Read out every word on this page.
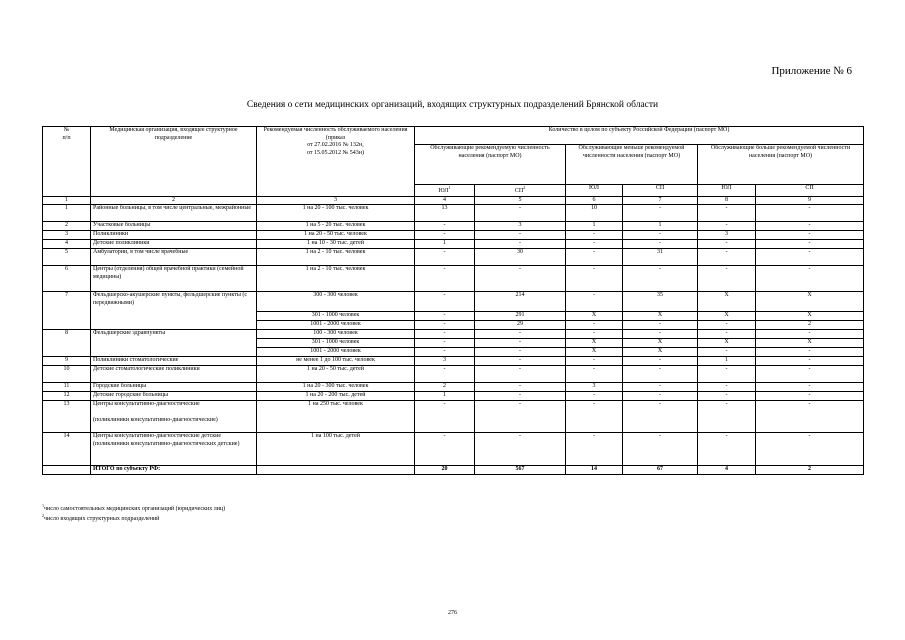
Приложение № 6
Сведения о сети медицинских организаций, входящих структурных подразделений Брянской области
№
п/п	Медицинская организация, входящее структурное подразделение	Рекомендуемая численность обслуживаемого населения (приказ
от 27.02.2016 № 132н,
от 15.05.2012 № 543н)	Количество в целом по субъекту Российской Федерации (паспорт МО)					
			Обслуживающие рекомендуемую численность населения (паспорт МО)		Обслуживающие меньше рекомендуемой численности населения (паспорт МО)		Обслуживающие больше рекомендуемой численности населения (паспорт МО)	
			$ЮЛ^1$	$СП^2$	ЮЛ	СП	ЮЛ	СП
1	2	3	4	5	6	7	8	9
1	Районные больницы, в том числе центральные, межрайонные	1 на 20 - 100 тыс. человек	13	-	10	-	-	-
2	Участковые больницы	1 на 5 - 20 тыс. человек	-	3	1	1	-	-
3	Поликлиники	1 на 20 - 50 тыс. человек	-	-	-	-	3	-
4	Детские поликлиники	1 на 10 - 30 тыс. детей	1	-	-	-	-	-
5	Амбулатории, в том числе врачебные	1 на 2 - 10 тыс. человек	-	30	-	31	-	-
6	Центры (отделения) общей врачебной практики (семейной медицины)	1 на 2 - 10 тыс. человек	-	-	-	-	-	-
7	Фельдшерско-акушерские пункты, фельдшерские пункты (с передвижными)	300 - 300 человек	-	214	-	35	X	X
		301 - 1000 человек	-	291	X	X	X	X
		1001 - 2000 человек	-	29	-	-	-	2
8	Фельдшерские здравпункты	100 - 300 человек	-	-	-	-	-	-
		301 - 1000 человек	-	-	X	X	X	X
		1001 - 2000 человек	-	-	X	X	-	-
9	Поликлиники стоматологические	не менее 1 до 100 тыс. человек	3	-	-	-	1	-
10	Детские стоматологические поликлиники	1 на 20 - 50 тыс. детей	-	-	-	-	-	-
11	Городские больницы	1 на 20 - 300 тыс. человек	2	-	3	-	-	-
12	Детские городские больницы	1 на 20 - 200 тыс. детей	1	-	-	-	-	-
13	Центры консультативно-диагностические
(поликлиники консультативно-диагностические)	1 на 250 тыс. человек	-	-	-	-	-	-
14	Центры консультативно-диагностические детские
(поликлиники консультативно-диагностических детские)	1 на 100 тыс. детей	-	-	-	-	-	-
	ИТОГО по субъекту РФ:		20	567	14	67	4	2
$^1$число самостоятельных медицинских организаций (юридических лиц)
$^2$число входящих структурных подразделений
276
